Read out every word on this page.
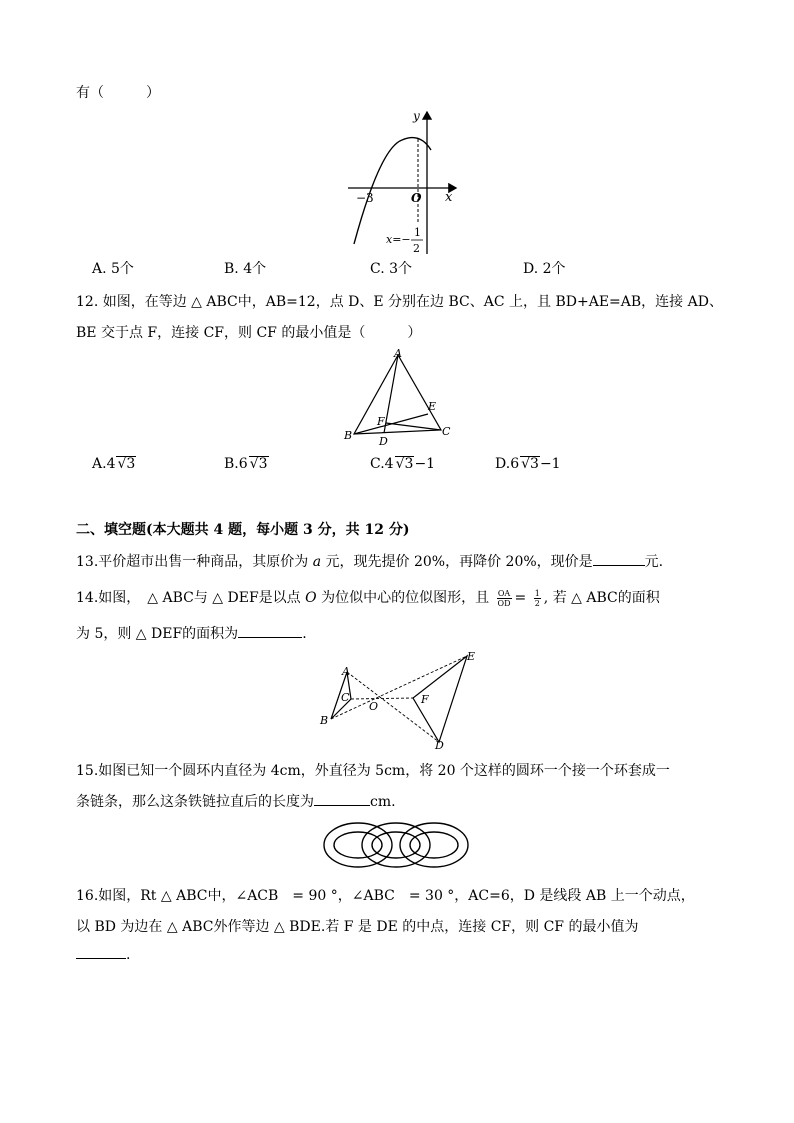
有（　　　）
y
x
O
−3
x=−
1
2
A. 5个	B. 4个	C. 3个	D. 2个
12. 如图，在等边 △ ABC中，AB=12，点 D、E 分别在边 BC、AC 上，且 BD+AE=AB，连接 AD、
BE 交于点 F，连接 CF，则 CF 的最小值是（　　　）
A
B	C
D
E
F
A.4 √3	B.6 √3	C.4 √3−1	D.6 √3−1
二、填空题(本大题共 4 题，每小题 3 分，共 12 分)
13.平价超市出售一种商品，其原价为 a 元，现先提价 20%，再降价 20%，现价是	元.
14.如图，　△ ABC与 △ DEF是以点 O 为位似中心的位似图形，且 $\frac{OA}{OD} = \frac{1}{2}$ , 若 △ ABC的面积
为 5，则 △ DEF的面积为	.
A
B
C
O
F
E
D
15.如图已知一个圆环内直径为 4cm，外直径为 5cm，将 20 个这样的圆环一个接一个环套成一
条链条，那么这条铁链拉直后的长度为	cm.
16.如图，Rt △ ABC中，∠ACB　= 90 °，∠ABC　= 30 °，AC=6，D 是线段 AB 上一个动点，
以 BD 为边在 △ ABC外作等边 △ BDE.若 F 是 DE 的中点，连接 CF，则 CF 的最小值为
.
